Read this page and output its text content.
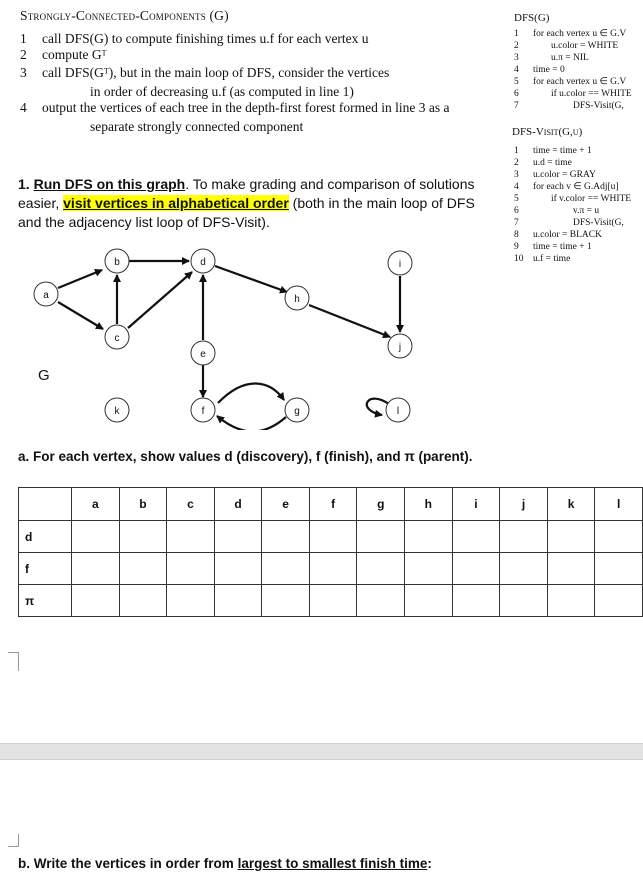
Strongly-Connected-Components (G)
1 call DFS(G) to compute finishing times u.f for each vertex u
2 compute Gᵀ
3 call DFS(Gᵀ), but in the main loop of DFS, consider the vertices
in order of decreasing u.f (as computed in line 1)
4 output the vertices of each tree in the depth-first forest formed in line 3 as a
separate strongly connected component
DFS(G)
1	for each vertex u ∈ G.V
2	u.color = WHITE
3	u.π = NIL
4	time = 0
5	for each vertex u ∈ G.V
6	if u.color == WHITE
7	DFS-Visit(G,
DFS-Visit(G,u)
1	time = time + 1
2	u.d = time
3	u.color = GRAY
4	for each v ∈ G.Adj[u]
5	if v.color == WHITE
6	v.π = u
7	DFS-Visit(G,
8	u.color = BLACK
9	time = time + 1
10 u.f = time
1. Run DFS on this graph. To make grading and comparison of solutions easier, visit vertices in alphabetical order (both in the main loop of DFS and the adjacency list loop of DFS-Visit).
a
b
c
d
e
f	g
h
i
j
k	l
G
a. For each vertex, show values d (discovery), f (finish), and π (parent).
	a	b	c	d	e	f	g	h	i	j	k	l
d												
f												
π												
b. Write the vertices in order from largest to smallest finish time:
